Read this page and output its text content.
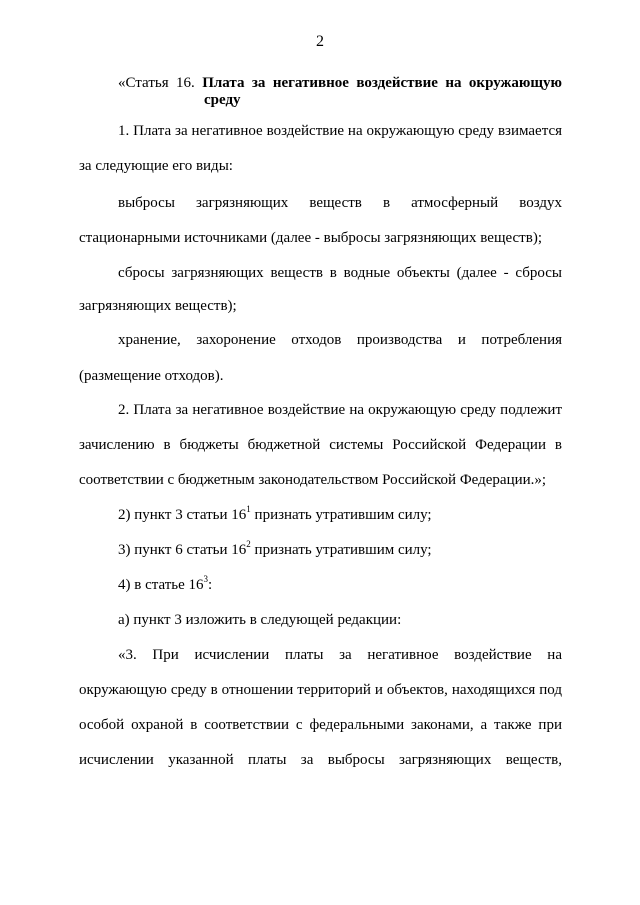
2
«Статья 16. Плата за негативное воздействие на окружающую
среду
1. Плата за негативное воздействие на окружающую среду взимается
за следующие его виды:
выбросы загрязняющих веществ в атмосферный воздух
стационарными источниками (далее - выбросы загрязняющих веществ);
сбросы загрязняющих веществ в водные объекты (далее - сбросы
загрязняющих веществ);
хранение, захоронение отходов производства и потребления
(размещение отходов).
2. Плата за негативное воздействие на окружающую среду подлежит
зачислению в бюджеты бюджетной системы Российской Федерации в
соответствии с бюджетным законодательством Российской Федерации.»;
2) пункт 3 статьи $16^1$ признать утратившим силу;
3) пункт 6 статьи $16^2$ признать утратившим силу;
4) в статье $16^3$:
а) пункт 3 изложить в следующей редакции:
«3. При исчислении платы за негативное воздействие на
окружающую среду в отношении территорий и объектов, находящихся под
особой охраной в соответствии с федеральными законами, а также при
исчислении указанной платы за выбросы загрязняющих веществ,
